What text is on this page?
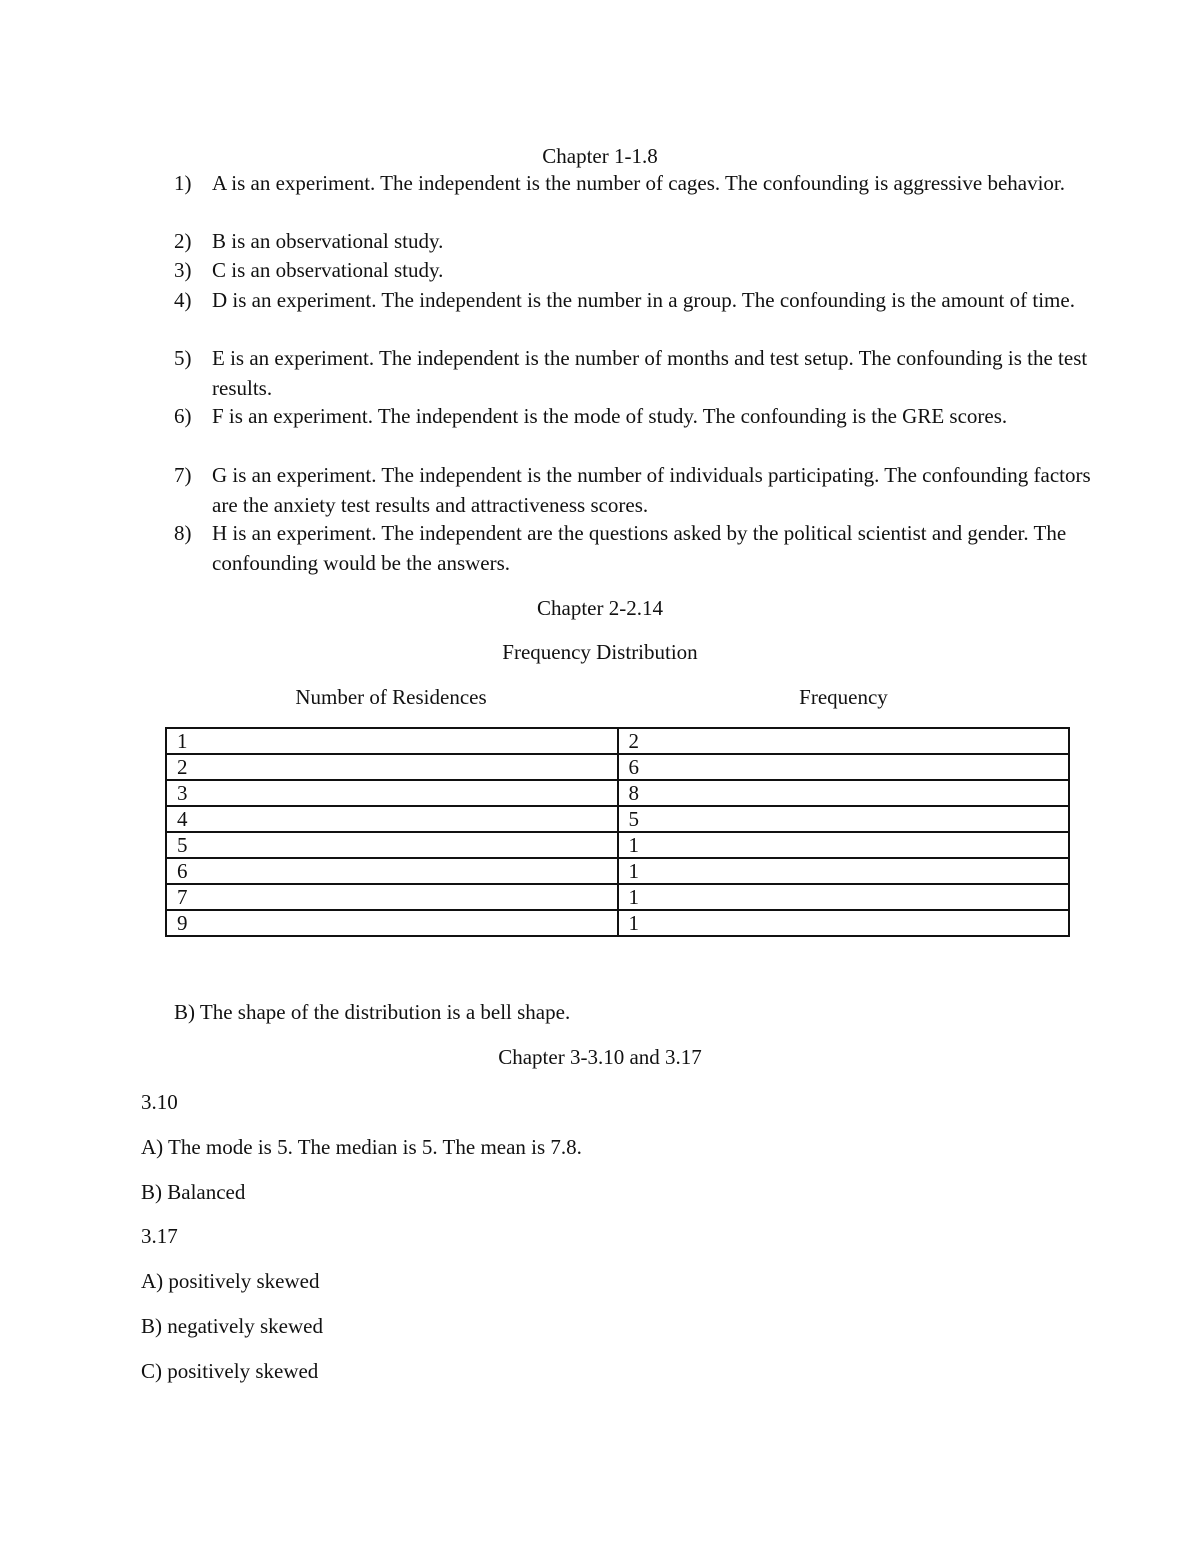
Chapter 1-1.8
1) A is an experiment. The independent is the number of cages. The confounding is aggressive behavior.
2) B is an observational study.
3) C is an observational study.
4) D is an experiment. The independent is the number in a group. The confounding is the amount of time.
5) E is an experiment. The independent is the number of months and test setup. The confounding is the test results.
6) F is an experiment. The independent is the mode of study. The confounding is the GRE scores.
7) G is an experiment. The independent is the number of individuals participating. The confounding factors are the anxiety test results and attractiveness scores.
8) H is an experiment. The independent are the questions asked by the political scientist and gender. The confounding would be the answers.
Chapter 2-2.14
Frequency Distribution
Number of Residences	Frequency
1	2
2	6
3	8
4	5
5	1
6	1
7	1
9	1
B) The shape of the distribution is a bell shape.
Chapter 3-3.10 and 3.17
3.10
A) The mode is 5. The median is 5. The mean is 7.8.
B) Balanced
3.17
A) positively skewed
B) negatively skewed
C) positively skewed
